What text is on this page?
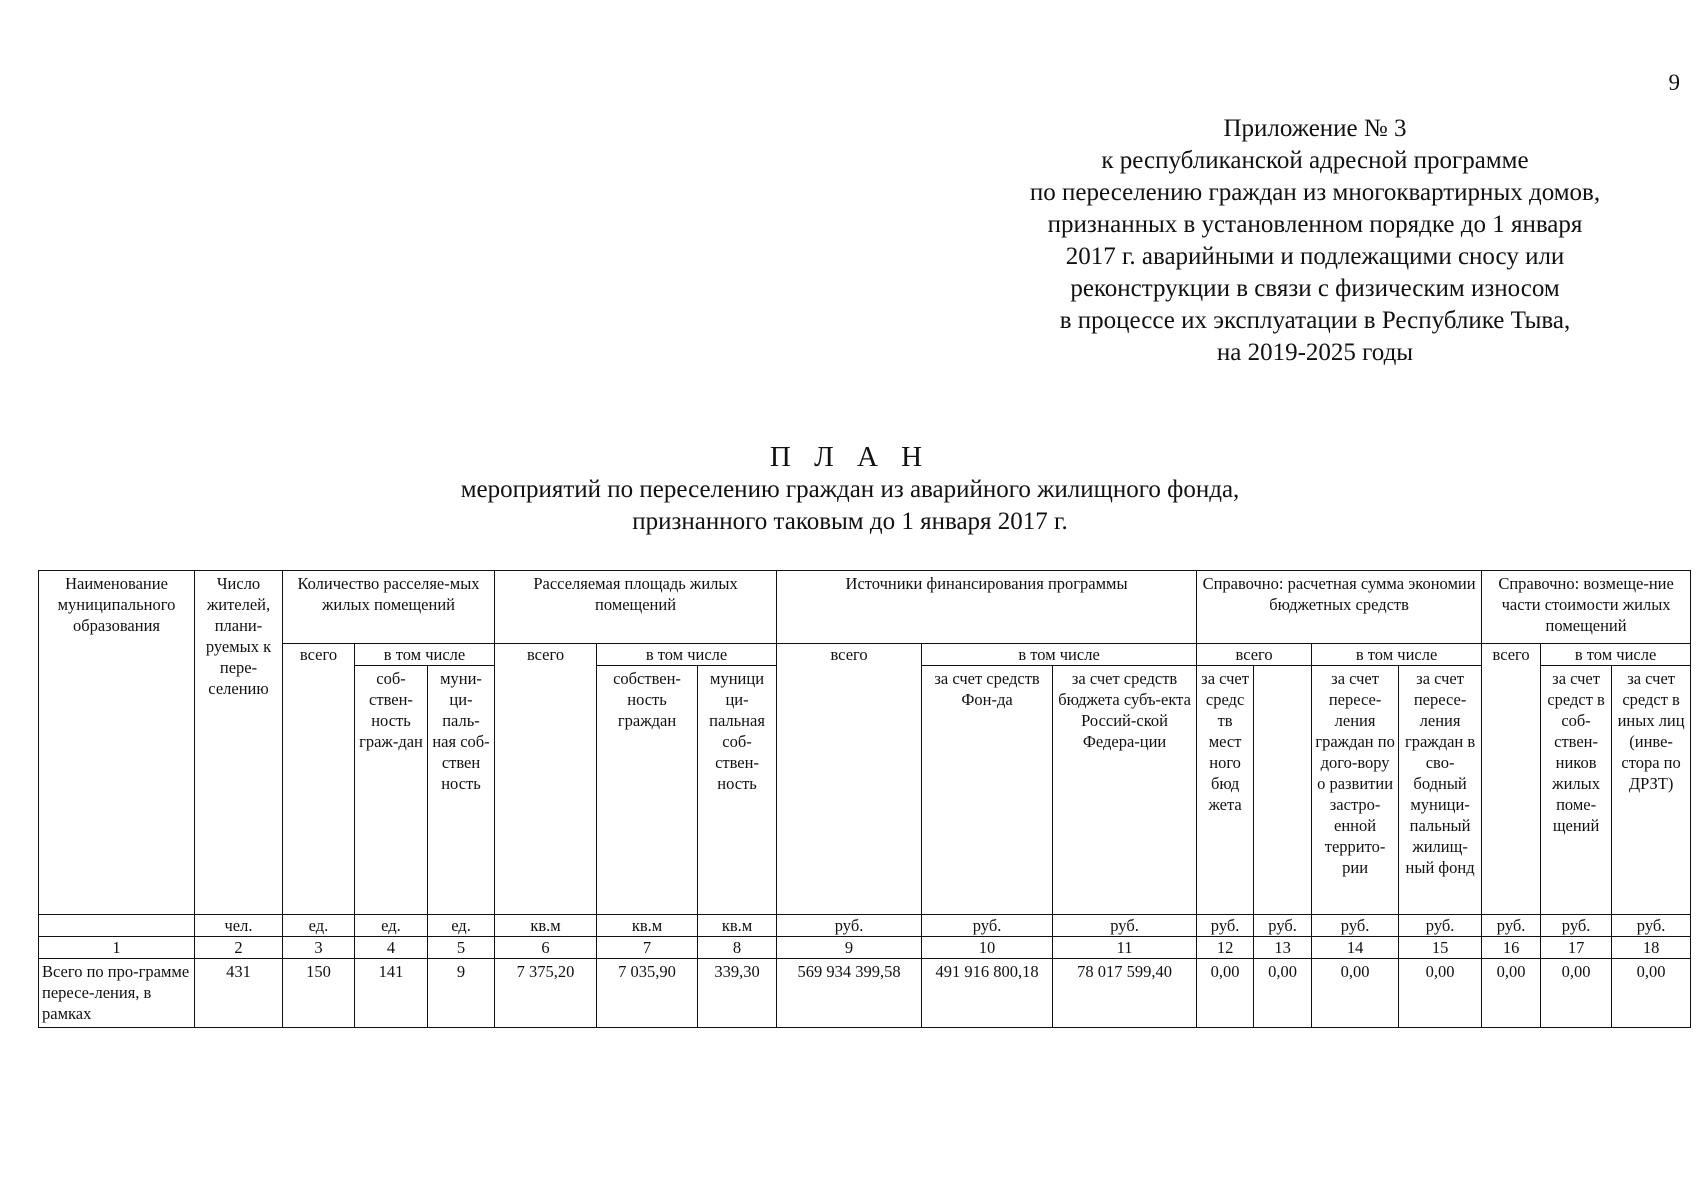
9
Приложение № 3
к республиканской адресной программе
по переселению граждан из многоквартирных домов,
признанных в установленном порядке до 1 января
2017 г. аварийными и подлежащими сносу или
реконструкции в связи с физическим износом
в процессе их эксплуатации в Республике Тыва,
на 2019-2025 годы
П Л А Н
мероприятий по переселению граждан из аварийного жилищного фонда,
признанного таковым до 1 января 2017 г.
Наименование муниципального образования	Число жителей, плани-руемых к пере-селению	Количество расселяе-мых жилых помещений			Расселяемая площадь жилых помещений			Источники финансирования программы			Справочно: расчетная сумма экономии бюджетных средств				Справочно: возмеще-ние части стоимости жилых помещений		
		всего	в том числе		всего	в том числе		всего	в том числе		всего		в том числе		всего	в том числе	
			соб-ствен-ность граж-дан	муни-ци-паль-ная соб-ствен ность		собствен-ность граждан	муници ци-пальная соб-ствен-ность		за счет средств Фон-да	за счет средств бюджета субъ-екта Россий-ской Федера-ции	за счет средс тв мест ного бюд жета		за счет пересе-ления граждан по дого-вору о развитии застро-енной террито-рии	за счет пересе-ления граждан в сво-бодный муници-пальный жилищ-ный фонд		за счет средст в соб-ствен-ников жилых поме-щений	за счет средст в иных лиц (инве-стора по ДРЗТ)
	чел.	ед.	ед.	ед.	кв.м	кв.м	кв.м	руб.	руб.	руб.	руб.	руб.	руб.	руб.	руб.	руб.	руб.
1	2	3	4	5	6	7	8	9	10	11	12	13	14	15	16	17	18
Всего по про-грамме пересе-ления, в рамках	431	150	141	9	7 375,20	7 035,90	339,30	569 934 399,58	491 916 800,18	78 017 599,40	0,00	0,00	0,00	0,00	0,00	0,00	0,00
